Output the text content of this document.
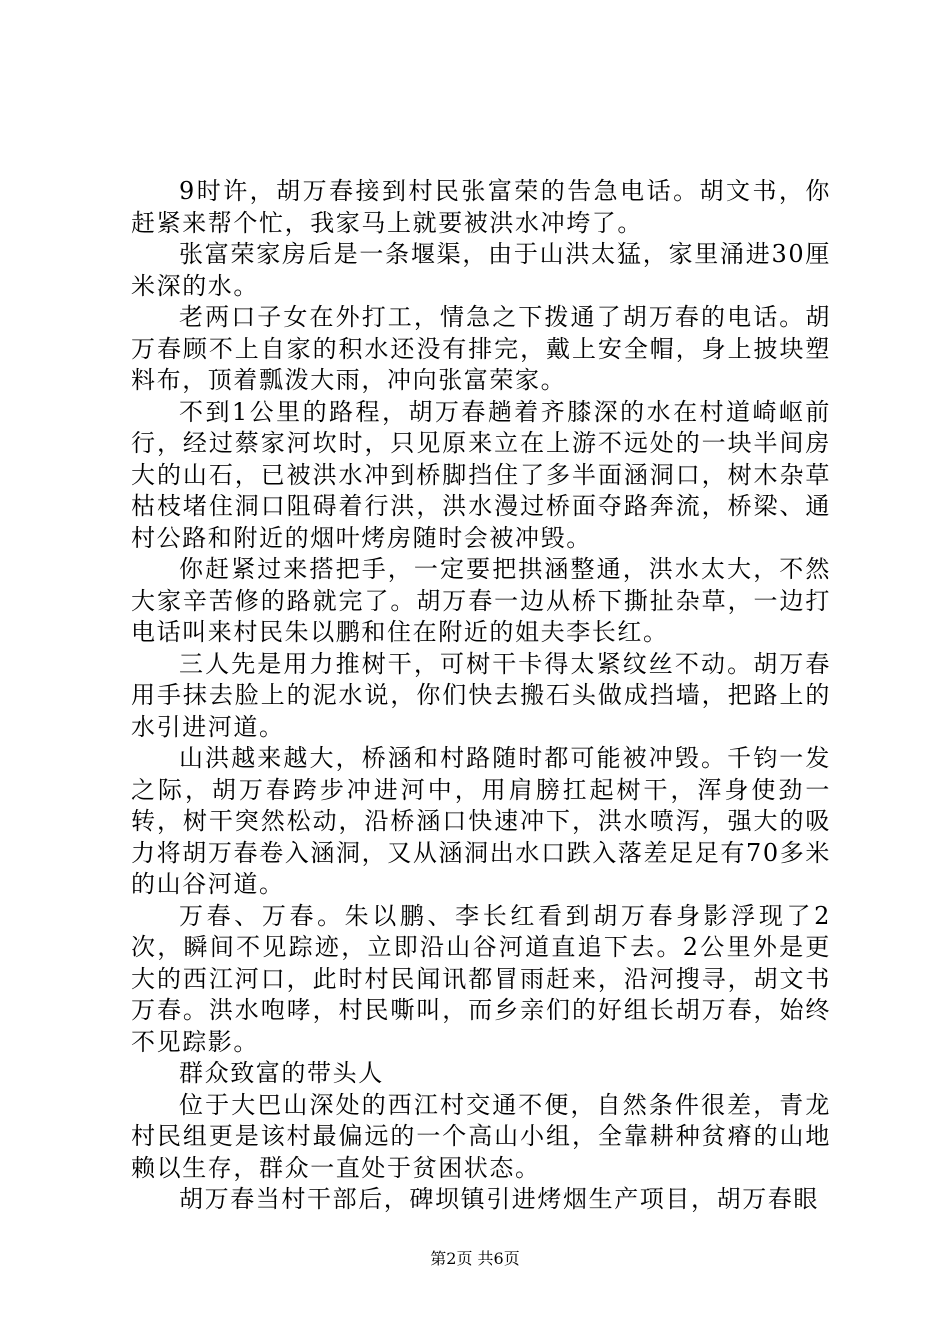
9时许，胡万春接到村民张富荣的告急电话。胡文书，你赶紧来帮个忙，我家马上就要被洪水冲垮了。

张富荣家房后是一条堰渠，由于山洪太猛，家里涌进30厘米深的水。

老两口子女在外打工，情急之下拨通了胡万春的电话。胡万春顾不上自家的积水还没有排完，戴上安全帽，身上披块塑料布，顶着瓢泼大雨，冲向张富荣家。

不到1公里的路程，胡万春趟着齐膝深的水在村道崎岖前行，经过蔡家河坎时，只见原来立在上游不远处的一块半间房大的山石，已被洪水冲到桥脚挡住了多半面涵洞口，树木杂草枯枝堵住洞口阻碍着行洪，洪水漫过桥面夺路奔流，桥梁、通村公路和附近的烟叶烤房随时会被冲毁。

你赶紧过来搭把手，一定要把拱涵整通，洪水太大，不然大家辛苦修的路就完了。胡万春一边从桥下撕扯杂草，一边打电话叫来村民朱以鹏和住在附近的姐夫李长红。

三人先是用力推树干，可树干卡得太紧纹丝不动。胡万春用手抹去脸上的泥水说，你们快去搬石头做成挡墙，把路上的水引进河道。

山洪越来越大，桥涵和村路随时都可能被冲毁。千钧一发之际，胡万春跨步冲进河中，用肩膀扛起树干，浑身使劲一转，树干突然松动，沿桥涵口快速冲下，洪水喷泻，强大的吸力将胡万春卷入涵洞，又从涵洞出水口跌入落差足足有70多米的山谷河道。

万春、万春。朱以鹏、李长红看到胡万春身影浮现了2次，瞬间不见踪迹，立即沿山谷河道直追下去。2公里外是更大的西江河口，此时村民闻讯都冒雨赶来，沿河搜寻，胡文书万春。洪水咆哮，村民嘶叫，而乡亲们的好组长胡万春，始终不见踪影。

群众致富的带头人

位于大巴山深处的西江村交通不便，自然条件很差，青龙村民组更是该村最偏远的一个高山小组，全靠耕种贫瘠的山地赖以生存，群众一直处于贫困状态。

胡万春当村干部后，碑坝镇引进烤烟生产项目，胡万春眼

第2页 共6页
